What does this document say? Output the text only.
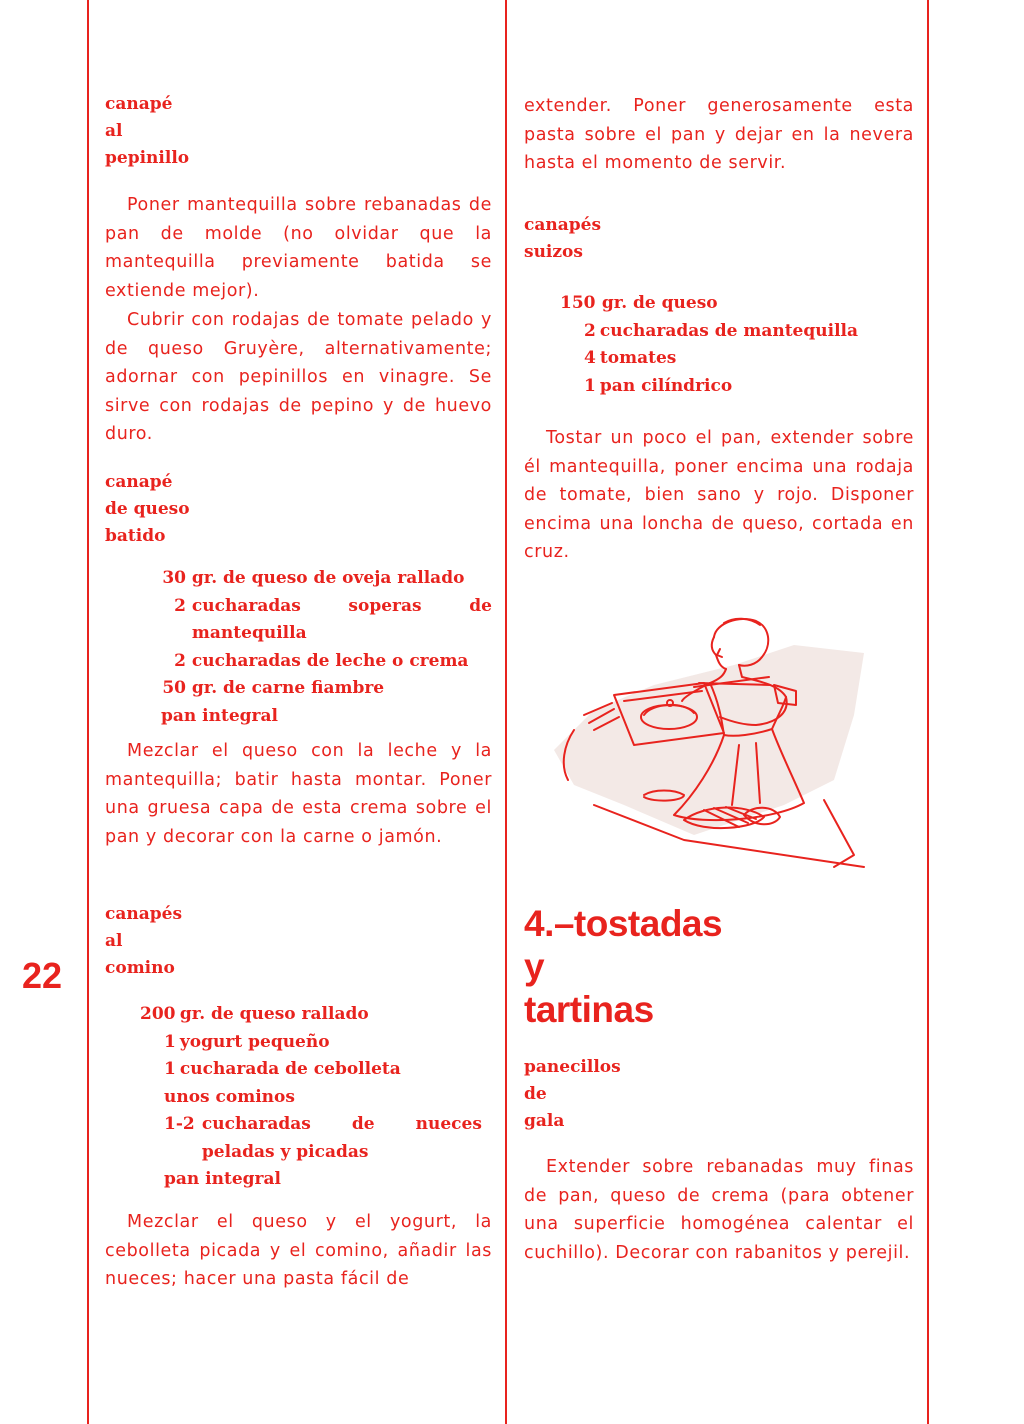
22
canapé
al
pepinillo

Poner mantequilla sobre rebanadas de pan de molde (no olvidar que la mantequilla previamente batida se extiende mejor).

Cubrir con rodajas de tomate pelado y de queso Gruyère, alternativamente; adornar con pepinillos en vinagre. Se sirve con rodajas de pepino y de huevo duro.

canapé
de queso
batido
30 gr. de queso de oveja rallado
2 cucharadas soperas de mantequilla
2 cucharadas de leche o crema
50 gr. de carne fiambre
pan integral

Mezclar el queso con la leche y la mantequilla; batir hasta montar. Poner una gruesa capa de esta crema sobre el pan y decorar con la carne o jamón.

canapés
al
comino
200 gr. de queso rallado
1 yogurt pequeño
1 cucharada de cebolleta
unos cominos
1-2 cucharadas de nueces peladas y picadas
pan integral

Mezclar el queso y el yogurt, la cebolleta picada y el comino, añadir las nueces; hacer una pasta fácil de

extender. Poner generosamente esta pasta sobre el pan y dejar en la nevera hasta el momento de servir.

canapés
suizos
150 gr. de queso
2 cucharadas de mantequilla
4 tomates
1 pan cilíndrico

Tostar un poco el pan, extender sobre él mantequilla, poner encima una rodaja de tomate, bien sano y rojo. Disponer encima una loncha de queso, cortada en cruz.

4.–tostadas
y
tartinas
panecillos
de
gala

Extender sobre rebanadas muy finas de pan, queso de crema (para obtener una superficie homogénea calentar el cuchillo). Decorar con rabanitos y perejil.
